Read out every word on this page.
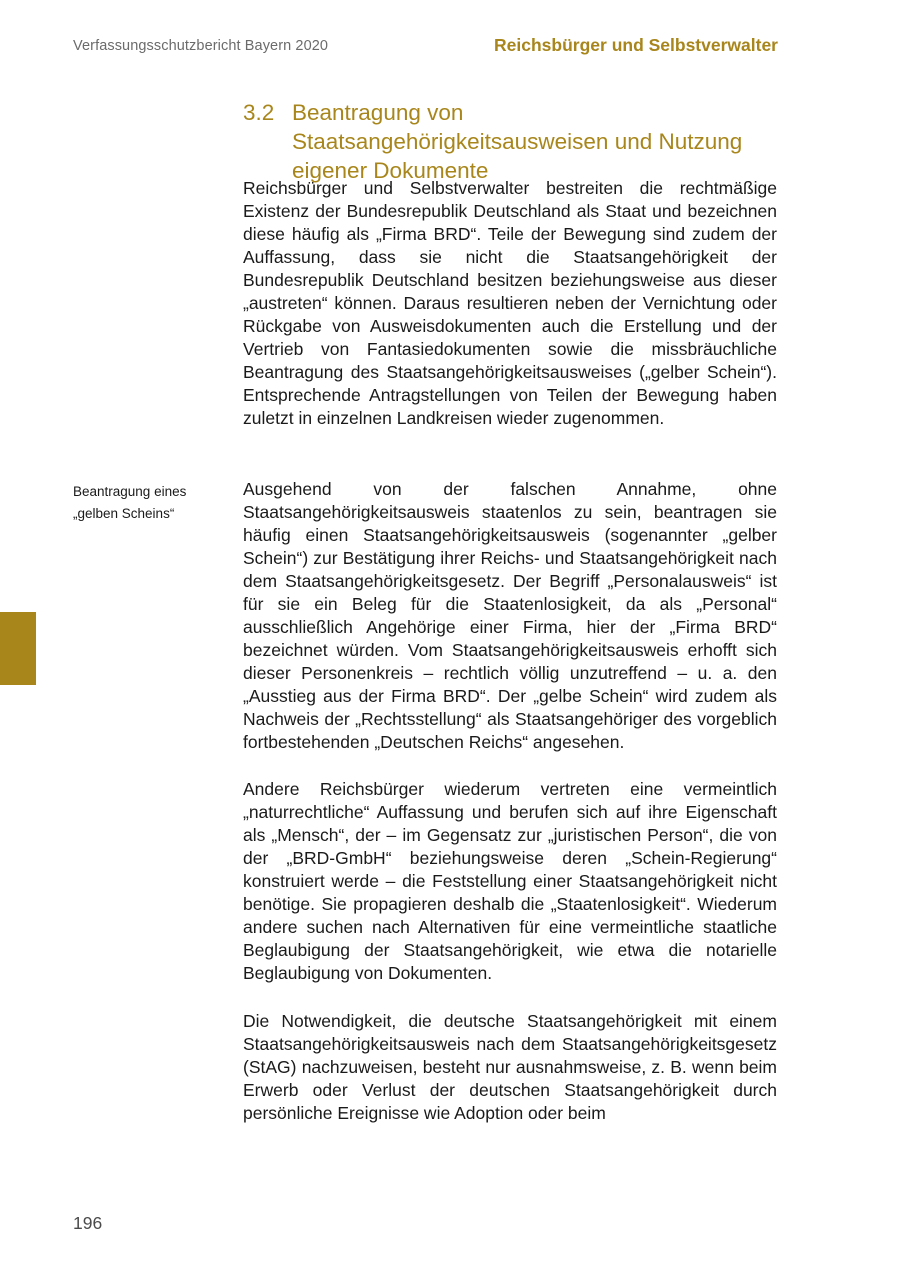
Verfassungsschutzbericht Bayern 2020	Reichsbürger und Selbstverwalter
3.2 Beantragung von Staatsangehörigkeitsausweisen und Nutzung eigener Dokumente

Reichsbürger und Selbstverwalter bestreiten die rechtmäßige Existenz der Bundesrepublik Deutschland als Staat und bezeichnen diese häufig als „Firma BRD“. Teile der Bewegung sind zudem der Auffassung, dass sie nicht die Staatsangehörigkeit der Bundesrepublik Deutschland besitzen beziehungsweise aus dieser „austreten“ können. Daraus resultieren neben der Vernichtung oder Rückgabe von Ausweisdokumenten auch die Erstellung und der Vertrieb von Fantasiedokumenten sowie die missbräuchliche Beantragung des Staatsangehörigkeitsausweises („gelber Schein“). Entsprechende Antragstellungen von Teilen der Bewegung haben zuletzt in einzelnen Landkreisen wieder zugenommen.

Beantragung eines
„gelben Scheins“

Ausgehend von der falschen Annahme, ohne Staatsangehörigkeitsausweis staatenlos zu sein, beantragen sie häufig einen Staatsangehörigkeitsausweis (sogenannter „gelber Schein“) zur Bestätigung ihrer Reichs- und Staatsangehörigkeit nach dem Staatsangehörigkeitsgesetz. Der Begriff „Personalausweis“ ist für sie ein Beleg für die Staatenlosigkeit, da als „Personal“ ausschließlich Angehörige einer Firma, hier der „Firma BRD“ bezeichnet würden. Vom Staatsangehörigkeitsausweis erhofft sich dieser Personenkreis – rechtlich völlig unzutreffend – u. a. den „Ausstieg aus der Firma BRD“. Der „gelbe Schein“ wird zudem als Nachweis der „Rechtsstellung“ als Staatsangehöriger des vorgeblich fortbestehenden „Deutschen Reichs“ angesehen.

Andere Reichsbürger wiederum vertreten eine vermeintlich „naturrechtliche“ Auffassung und berufen sich auf ihre Eigenschaft als „Mensch“, der – im Gegensatz zur „juristischen Person“, die von der „BRD-GmbH“ beziehungsweise deren „Schein-Regierung“ konstruiert werde – die Feststellung einer Staatsangehörigkeit nicht benötige. Sie propagieren deshalb die „Staatenlosigkeit“. Wiederum andere suchen nach Alternativen für eine vermeintliche staatliche Beglaubigung der Staatsangehörigkeit, wie etwa die notarielle Beglaubigung von Dokumenten.

Die Notwendigkeit, die deutsche Staatsangehörigkeit mit einem Staatsangehörigkeitsausweis nach dem Staatsangehörigkeitsgesetz (StAG) nachzuweisen, besteht nur ausnahmsweise, z. B. wenn beim Erwerb oder Verlust der deutschen Staatsangehörigkeit durch persönliche Ereignisse wie Adoption oder beim

196
